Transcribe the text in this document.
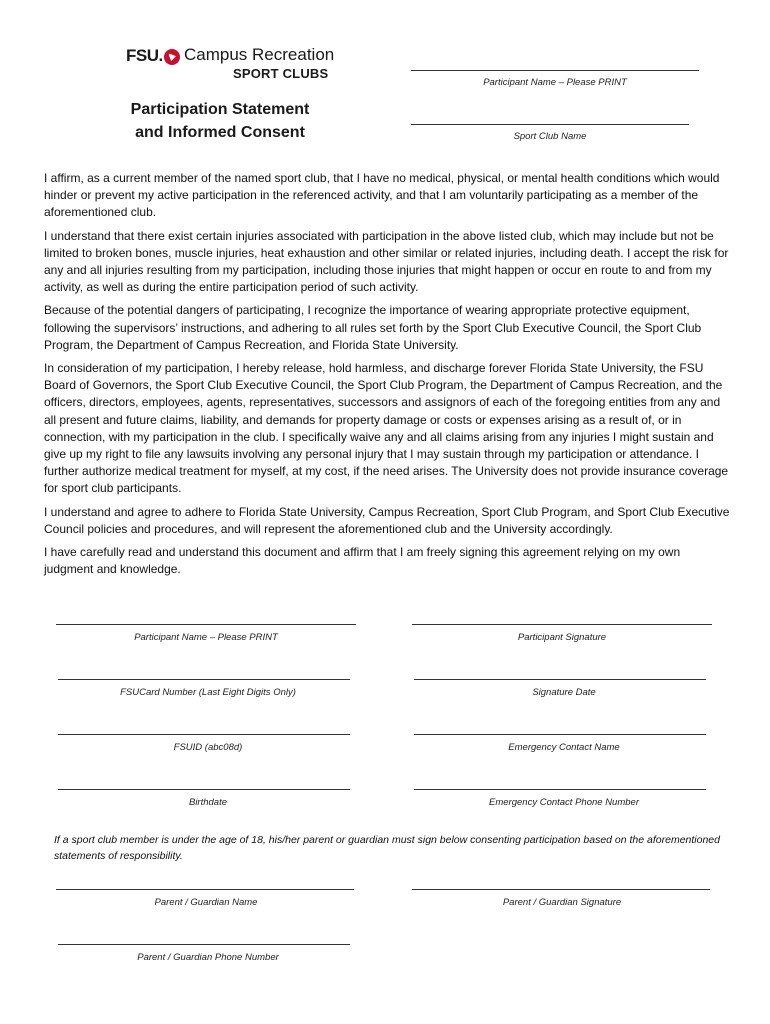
FSU. Campus Recreation
SPORT CLUBS
Participation Statement
and Informed Consent
Participant Name – Please PRINT
Sport Club Name

I affirm, as a current member of the named sport club, that I have no medical, physical, or mental health conditions which would hinder or prevent my active participation in the referenced activity, and that I am voluntarily participating as a member of the aforementioned club.

I understand that there exist certain injuries associated with participation in the above listed club, which may include but not be limited to broken bones, muscle injuries, heat exhaustion and other similar or related injuries, including death. I accept the risk for any and all injuries resulting from my participation, including those injuries that might happen or occur en route to and from my activity, as well as during the entire participation period of such activity.

Because of the potential dangers of participating, I recognize the importance of wearing appropriate protective equipment, following the supervisors’ instructions, and adhering to all rules set forth by the Sport Club Executive Council, the Sport Club Program, the Department of Campus Recreation, and Florida State University.

In consideration of my participation, I hereby release, hold harmless, and discharge forever Florida State University, the FSU Board of Governors, the Sport Club Executive Council, the Sport Club Program, the Department of Campus Recreation, and the officers, directors, employees, agents, representatives, successors and assignors of each of the foregoing entities from any and all present and future claims, liability, and demands for property damage or costs or expenses arising as a result of, or in connection, with my participation in the club. I specifically waive any and all claims arising from any injuries I might sustain and give up my right to file any lawsuits involving any personal injury that I may sustain through my participation or attendance. I further authorize medical treatment for myself, at my cost, if the need arises. The University does not provide insurance coverage for sport club participants.

I understand and agree to adhere to Florida State University, Campus Recreation, Sport Club Program, and Sport Club Executive Council policies and procedures, and will represent the aforementioned club and the University accordingly.

I have carefully read and understand this document and affirm that I am freely signing this agreement relying on my own judgment and knowledge.

Participant Name – Please PRINT	Participant Signature
FSUCard Number (Last Eight Digits Only)	Signature Date
FSUID (abc08d)	Emergency Contact Name
Birthdate	Emergency Contact Phone Number
If a sport club member is under the age of 18, his/her parent or guardian must sign below consenting participation based on the aforementioned statements of responsibility.
Parent / Guardian Name	Parent / Guardian Signature
Parent / Guardian Phone Number
